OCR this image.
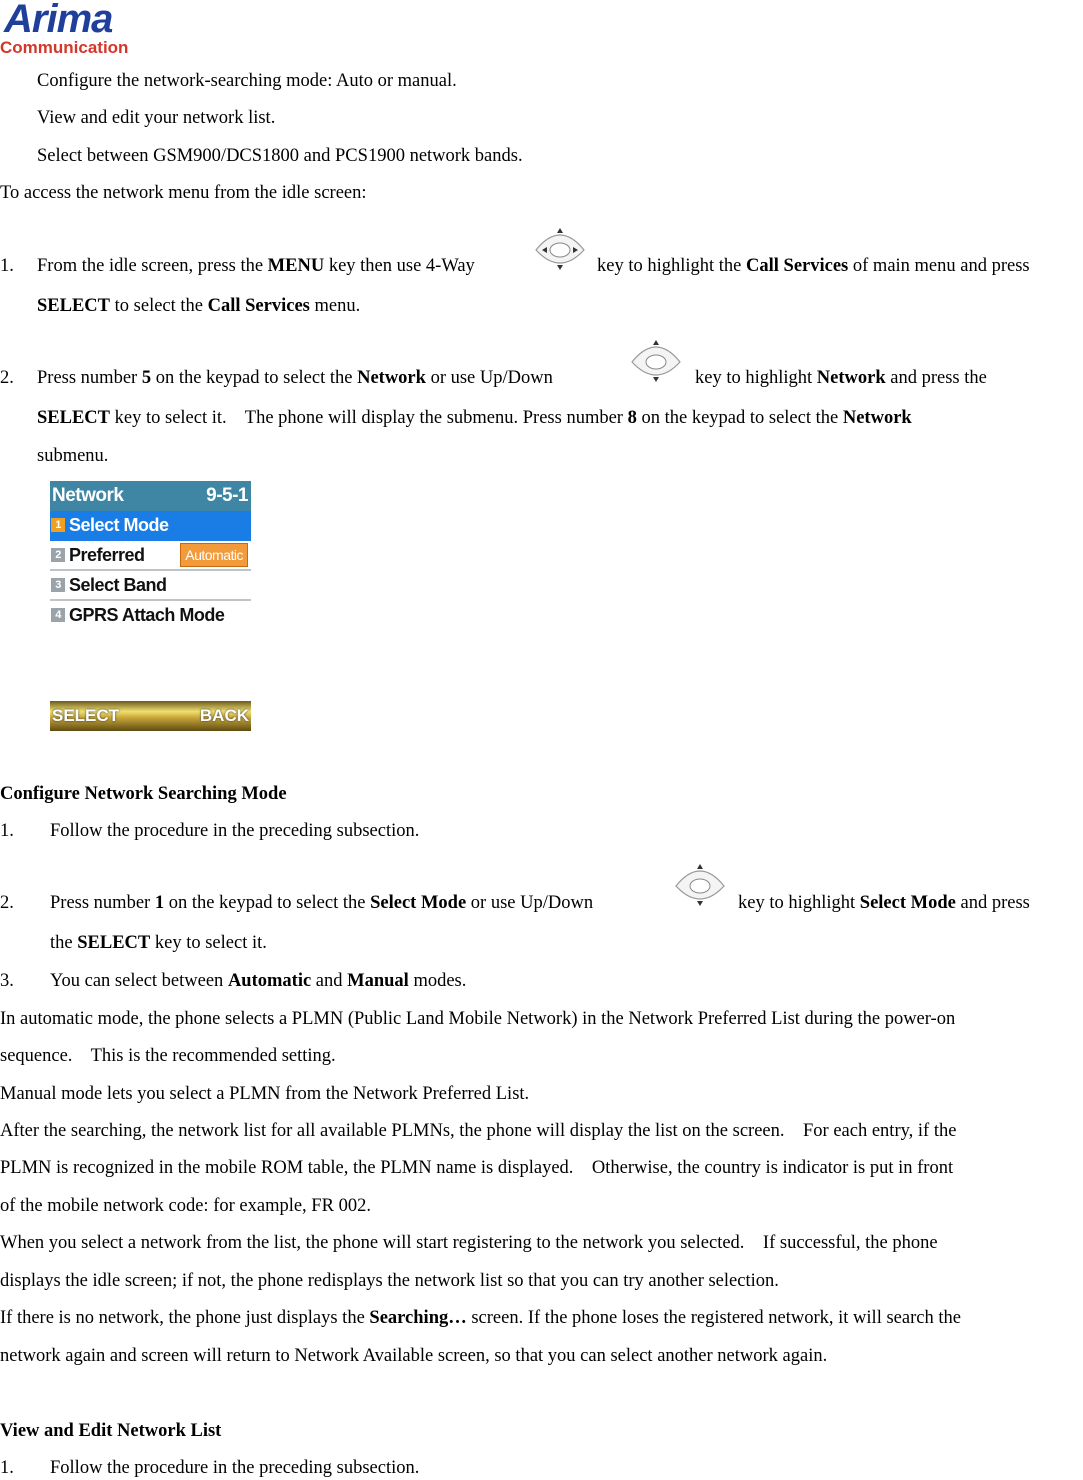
Arima
Communication
Configure the network-searching mode: Auto or manual.
View and edit your network list.
Select between GSM900/DCS1800 and PCS1900 network bands.
To access the network menu from the idle screen:
1. From the idle screen, press the MENU key then use 4-Way	key to highlight the Call Services of main menu and press
SELECT to select the Call Services menu.
2. Press number 5 on the keypad to select the Network or use Up/Down	key to highlight Network and press the
SELECT key to select it.    The phone will display the submenu. Press number 8 on the keypad to select the Network
submenu.
Network	9-5-1
1 Select Mode
2 Preferred	Automatic
3 Select Band
4 GPRS Attach Mode
SELECT	BACK
Configure Network Searching Mode
1. Follow the procedure in the preceding subsection.
2. Press number 1 on the keypad to select the Select Mode or use Up/Down	key to highlight Select Mode and press
the SELECT key to select it.
3. You can select between Automatic and Manual modes.
In automatic mode, the phone selects a PLMN (Public Land Mobile Network) in the Network Preferred List during the power-on
sequence.    This is the recommended setting.
Manual mode lets you select a PLMN from the Network Preferred List.
After the searching, the network list for all available PLMNs, the phone will display the list on the screen.    For each entry, if the
PLMN is recognized in the mobile ROM table, the PLMN name is displayed.    Otherwise, the country is indicator is put in front
of the mobile network code: for example, FR 002.
When you select a network from the list, the phone will start registering to the network you selected.    If successful, the phone
displays the idle screen; if not, the phone redisplays the network list so that you can try another selection.
If there is no network, the phone just displays the Searching… screen. If the phone loses the registered network, it will search the
network again and screen will return to Network Available screen, so that you can select another network again.
View and Edit Network List
1. Follow the procedure in the preceding subsection.
